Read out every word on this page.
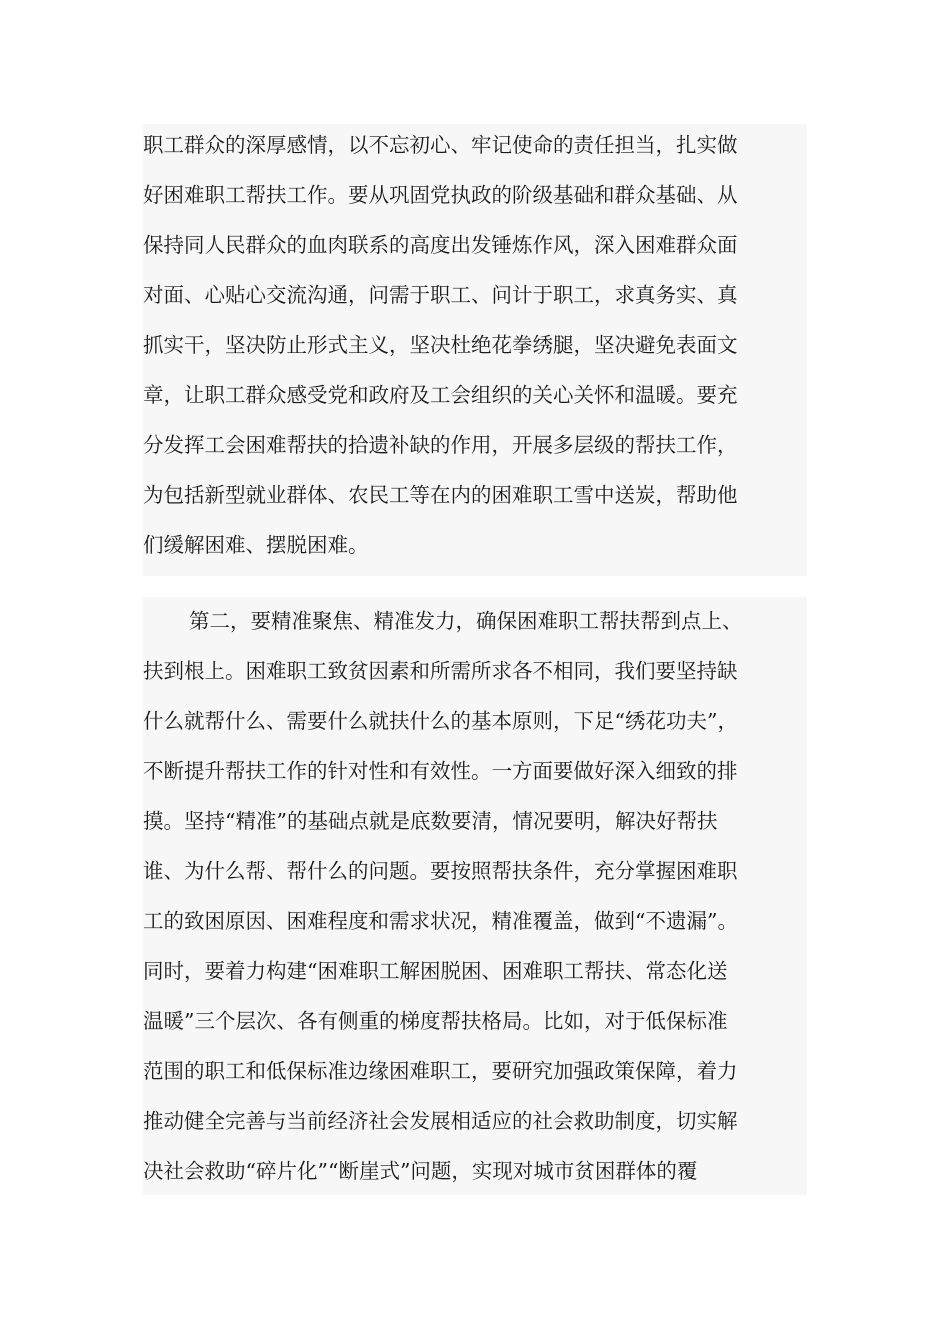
职工群众的深厚感情，以不忘初心、牢记使命的责任担当，扎实做
好困难职工帮扶工作。要从巩固党执政的阶级基础和群众基础、从
保持同人民群众的血肉联系的高度出发锤炼作风，深入困难群众面
对面、心贴心交流沟通，问需于职工、问计于职工，求真务实、真
抓实干，坚决防止形式主义，坚决杜绝花拳绣腿，坚决避免表面文
章，让职工群众感受党和政府及工会组织的关心关怀和温暖。要充
分发挥工会困难帮扶的拾遗补缺的作用，开展多层级的帮扶工作，
为包括新型就业群体、农民工等在内的困难职工雪中送炭，帮助他
们缓解困难、摆脱困难。
第二，要精准聚焦、精准发力，确保困难职工帮扶帮到点上、
扶到根上。困难职工致贫因素和所需所求各不相同，我们要坚持缺
什么就帮什么、需要什么就扶什么的基本原则，下足“绣花功夫”，
不断提升帮扶工作的针对性和有效性。一方面要做好深入细致的排
摸。坚持“精准”的基础点就是底数要清，情况要明，解决好帮扶
谁、为什么帮、帮什么的问题。要按照帮扶条件，充分掌握困难职
工的致困原因、困难程度和需求状况，精准覆盖，做到“不遗漏”。
同时，要着力构建“困难职工解困脱困、困难职工帮扶、常态化送
温暖”三个层次、各有侧重的梯度帮扶格局。比如，对于低保标准
范围的职工和低保标准边缘困难职工，要研究加强政策保障，着力
推动健全完善与当前经济社会发展相适应的社会救助制度，切实解
决社会救助“碎片化”“断崖式”问题，实现对城市贫困群体的覆
